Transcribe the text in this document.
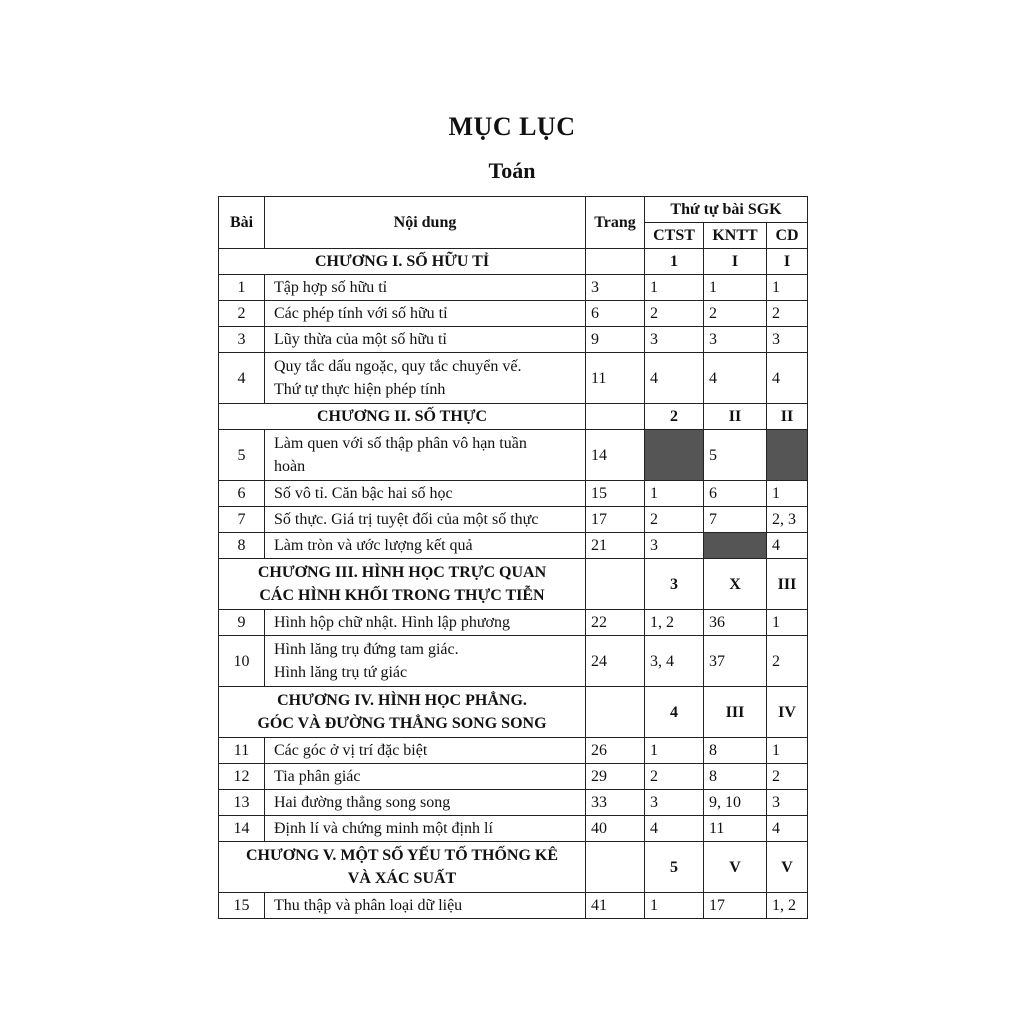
MỤC LỤC
Toán
Bài	Nội dung	Trang	Thứ tự bài SGK		
			CTST	KNTT	CD
CHƯƠNG I. SỐ HỮU TỈ			1	I	I
1	Tập hợp số hữu tỉ	3	1	1	1
2	Các phép tính với số hữu tỉ	6	2	2	2
3	Lũy thừa của một số hữu tỉ	9	3	3	3
4	Quy tắc dấu ngoặc, quy tắc chuyển vế.
Thứ tự thực hiện phép tính	11	4	4	4
CHƯƠNG II. SỐ THỰC			2	II	II
5	Làm quen với số thập phân vô hạn tuần
hoàn	14		5	
6	Số vô tỉ. Căn bậc hai số học	15	1	6	1
7	Số thực. Giá trị tuyệt đối của một số thực	17	2	7	2, 3
8	Làm tròn và ước lượng kết quả	21	3		4
CHƯƠNG III. HÌNH HỌC TRỰC QUAN
CÁC HÌNH KHỐI TRONG THỰC TIỄN			3	X	III
9	Hình hộp chữ nhật. Hình lập phương	22	1, 2	36	1
10	Hình lăng trụ đứng tam giác.
Hình lăng trụ tứ giác	24	3, 4	37	2
CHƯƠNG IV. HÌNH HỌC PHẲNG.
GÓC VÀ ĐƯỜNG THẲNG SONG SONG			4	III	IV
11	Các góc ở vị trí đặc biệt	26	1	8	1
12	Tia phân giác	29	2	8	2
13	Hai đường thẳng song song	33	3	9, 10	3
14	Định lí và chứng minh một định lí	40	4	11	4
CHƯƠNG V. MỘT SỐ YẾU TỐ THỐNG KÊ
VÀ XÁC SUẤT			5	V	V
15	Thu thập và phân loại dữ liệu	41	1	17	1, 2
